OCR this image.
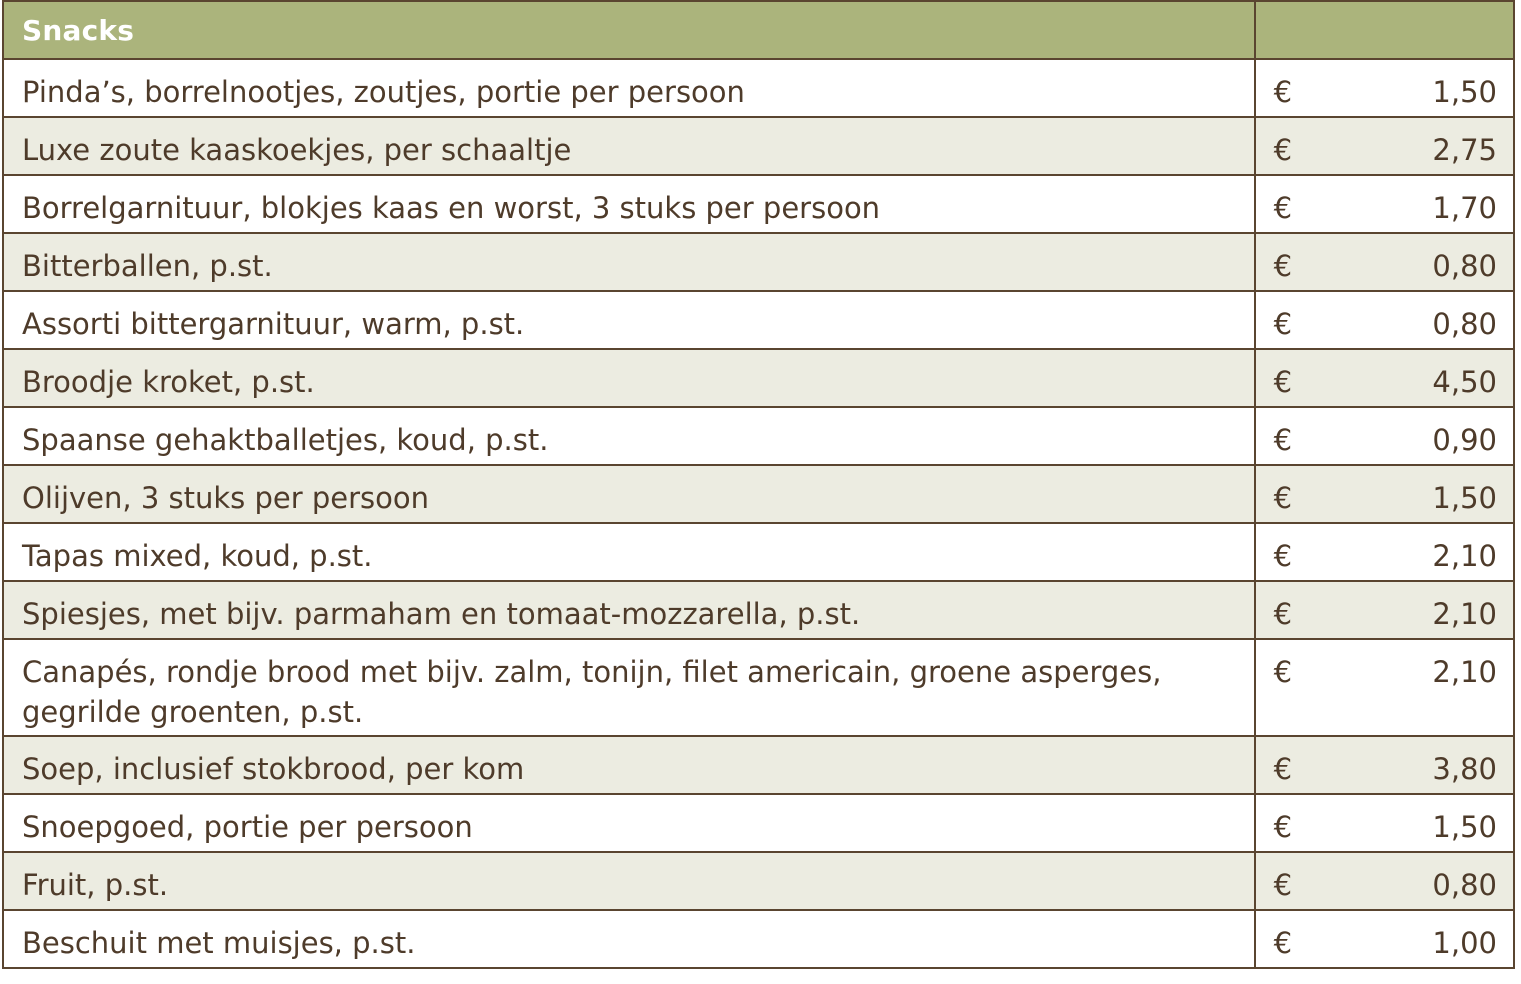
Snacks	

Pinda’s, borrelnootjes, zoutjes, portie per persoon	€ 1,50

Luxe zoute kaaskoekjes, per schaaltje	€ 2,75

Borrelgarnituur, blokjes kaas en worst, 3 stuks per persoon	€ 1,70

Bitterballen, p.st.	€ 0,80

Assorti bittergarnituur, warm, p.st.	€ 0,80

Broodje kroket, p.st.	€ 4,50

Spaanse gehaktballetjes, koud, p.st.	€ 0,90

Olijven, 3 stuks per persoon	€ 1,50

Tapas mixed, koud, p.st.	€ 2,10

Spiesjes, met bijv. parmaham en tomaat-mozzarella, p.st.	€ 2,10

Canapés, rondje brood met bijv. zalm, tonijn, filet americain, groene asperges, gegrilde groenten, p.st.	€ 2,10

Soep, inclusief stokbrood, per kom	€ 3,80

Snoepgoed, portie per persoon	€ 1,50

Fruit, p.st.	€ 0,80

Beschuit met muisjes, p.st.	€ 1,00
